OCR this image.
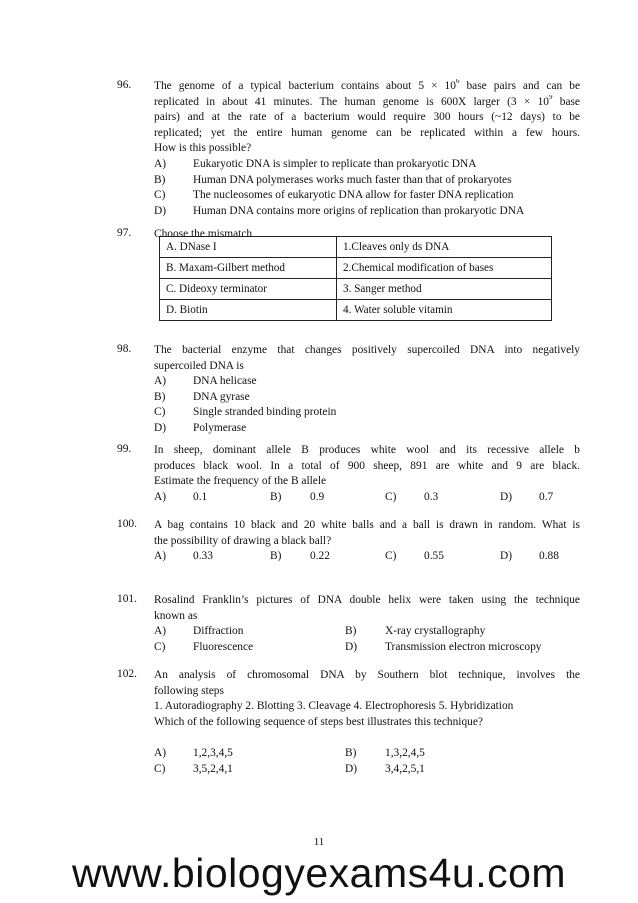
96. The genome of a typical bacterium contains about $5 \times 10^6$ base pairs and can be
replicated in about 41 minutes. The human genome is 600X larger ($3 \times 10^9$ base
pairs) and at the rate of a bacterium would require 300 hours (~12 days) to be
replicated; yet the entire human genome can be replicated within a few hours.
How is this possible?
A) Eukaryotic DNA is simpler to replicate than prokaryotic DNA
B) Human DNA polymerases works much faster than that of prokaryotes
C) The nucleosomes of eukaryotic DNA allow for faster DNA replication
D) Human DNA contains more origins of replication than prokaryotic DNA
97. Choose the mismatch
A. DNase I	1.Cleaves only ds DNA
B. Maxam-Gilbert method	2.Chemical modification of bases
C. Dideoxy terminator	3. Sanger method
D. Biotin	4. Water soluble vitamin
98. The bacterial enzyme that changes positively supercoiled DNA into negatively
supercoiled DNA is
A) DNA helicase
B) DNA gyrase
C) Single stranded binding protein
D) Polymerase
99. In sheep, dominant allele B produces white wool and its recessive allele b
produces black wool. In a total of 900 sheep, 891 are white and 9 are black.
Estimate the frequency of the B allele
A) 0.1	B)	0.9	C) 0.3	D) 0.7
100. A bag contains 10 black and 20 white balls and a ball is drawn in random. What is
the possibility of drawing a black ball?
A) 0.33	B)	0.22	C) 0.55	D) 0.88
101. Rosalind Franklin’s pictures of DNA double helix were taken using the technique
known as
A) Diffraction	B)	X-ray crystallography
C) Fluorescence	D) Transmission electron microscopy
102. An analysis of chromosomal DNA by Southern blot technique, involves the
following steps
1. Autoradiography 2. Blotting 3. Cleavage 4. Electrophoresis 5. Hybridization
Which of the following sequence of steps best illustrates this technique?
A) 1,2,3,4,5	B)	1,3,2,4,5
C) 3,5,2,4,1	D) 3,4,2,5,1
11
www.biologyexams4u.com
